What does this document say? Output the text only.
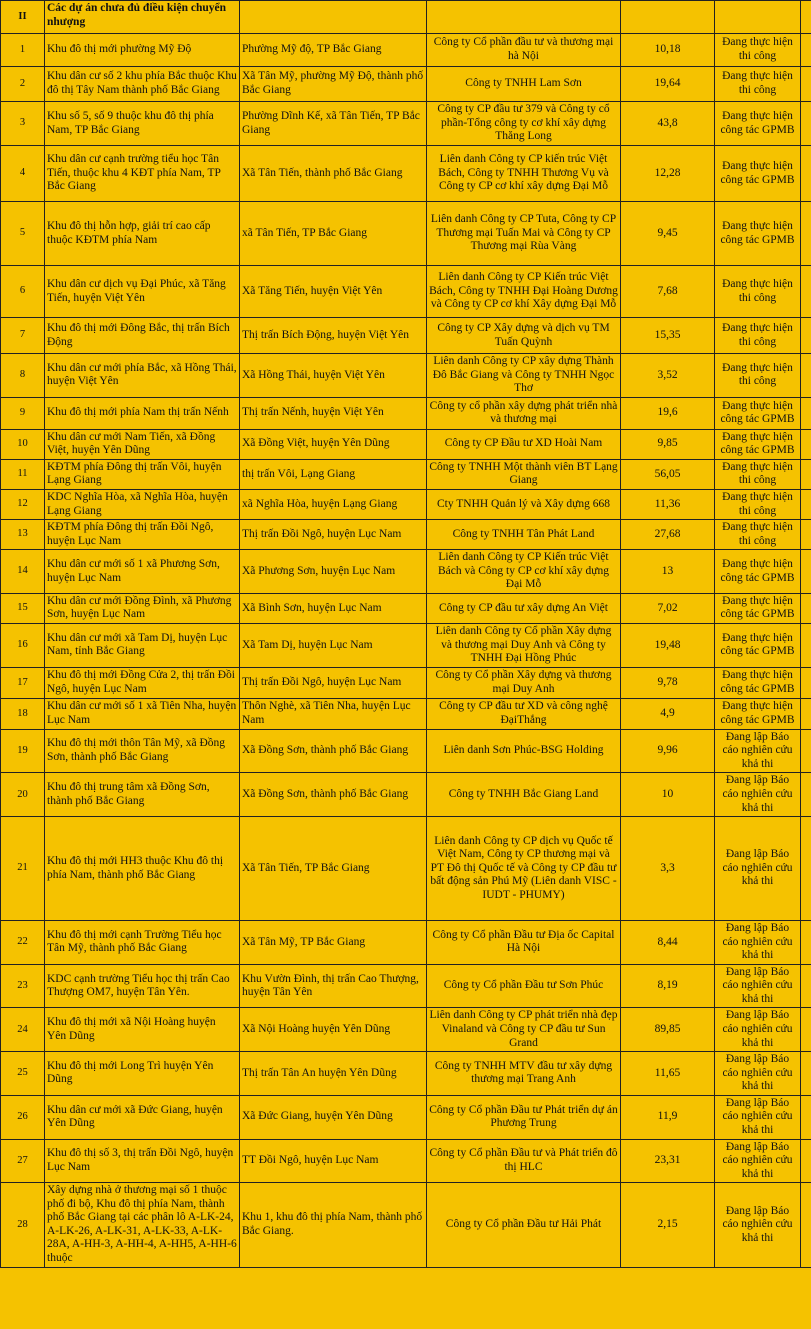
II	Các dự án chưa đủ điều kiện chuyển nhượng					
1	Khu đô thị mới phường Mỹ Độ	Phường Mỹ độ, TP Bắc Giang	Công ty Cổ phần đầu tư và thương mại hà Nội	10,18	Đang thực hiện thi công	
2	Khu dân cư số 2 khu phía Bắc thuộc Khu đô thị Tây Nam thành phố Bắc Giang	Xã Tân Mỹ, phường Mỹ Độ, thành phố Bắc Giang	Công ty TNHH Lam Sơn	19,64	Đang thực hiện thi công	
3	Khu số 5, số 9 thuộc khu đô thị phía Nam, TP Bắc Giang	Phường Dĩnh Kế, xã Tân Tiến, TP Bắc Giang	Công ty CP đầu tư 379 và Công ty cổ phần-Tổng công ty cơ khí xây dựng Thăng Long	43,8	Đang thực hiện công tác GPMB	
4	Khu dân cư cạnh trường tiểu học Tân Tiến, thuộc khu 4 KĐT phía Nam, TP Bắc Giang	Xã Tân Tiến, thành phố Bắc Giang	Liên danh Công ty CP kiến trúc Việt Bách, Công ty TNHH Thương Vụ và Công ty CP cơ khí xây dựng Đại Mỗ	12,28	Đang thực hiện công tác GPMB	
5	Khu đô thị hỗn hợp, giải trí cao cấp thuộc KĐTM phía Nam	xã Tân Tiến, TP Bắc Giang	Liên danh Công ty CP Tuta, Công ty CP Thương mại Tuấn Mai và Công ty CP Thương mại Rùa Vàng	9,45	Đang thực hiện công tác GPMB	
6	Khu dân cư dịch vụ Đại Phúc, xã Tăng Tiến, huyện Việt Yên	Xã Tăng Tiến, huyện Việt Yên	Liên danh Công ty CP Kiến trúc Việt Bách, Công ty TNHH Đại Hoàng Dương và Công ty CP cơ khí Xây dựng Đại Mỗ	7,68	Đang thực hiện thi công	
7	Khu đô thị mới Đông Bắc, thị trấn Bích Động	Thị trấn Bích Động, huyện Việt Yên	Công ty CP Xây dựng và dịch vụ TM Tuấn Quỳnh	15,35	Đang thực hiện thi công	
8	Khu dân cư mới phía Bắc, xã Hồng Thái, huyện Việt Yên	Xã Hồng Thái, huyện Việt Yên	Liên danh Công ty CP xây dựng Thành Đô Bắc Giang và Công ty TNHH Ngọc Thơ	3,52	Đang thực hiện thi công	
9	Khu đô thị mới phía Nam thị trấn Nếnh	Thị trấn Nếnh, huyện Việt Yên	Công ty cổ phần xây dựng phát triển nhà và thương mại	19,6	Đang thực hiện công tác GPMB	
10	Khu dân cư mới Nam Tiến, xã Đồng Việt, huyện Yên Dũng	Xã Đồng Việt, huyện Yên Dũng	Công ty CP Đầu tư XD Hoài Nam	9,85	Đang thực hiện công tác GPMB	
11	KĐTM phía Đông thị trấn Vôi, huyện Lạng Giang	thị trấn Vôi, Lạng Giang	Công ty TNHH Một thành viên BT Lạng Giang	56,05	Đang thực hiện thi công	
12	KDC Nghĩa Hòa, xã Nghĩa Hòa, huyện Lạng Giang	xã Nghĩa Hòa, huyện Lạng Giang	Cty TNHH Quản lý và Xây dựng 668	11,36	Đang thực hiện thi công	
13	KĐTM phía Đông thị trấn Đồi Ngô, huyện Lục Nam	Thị trấn Đồi Ngô, huyện Lục Nam	Công ty TNHH Tân Phát Land	27,68	Đang thực hiện thi công	
14	Khu dân cư mới số 1 xã Phương Sơn, huyện Lục Nam	Xã Phương Sơn, huyện Lục Nam	Liên danh Công ty CP Kiến trúc Việt Bách và Công ty CP cơ khí xây dựng Đại Mỗ	13	Đang thực hiện công tác GPMB	
15	Khu dân cư mới Đồng Đình, xã Phương Sơn, huyện Lục Nam	Xã Bình Sơn, huyện Lục Nam	Công ty CP đầu tư xây dựng An Việt	7,02	Đang thực hiện công tác GPMB	
16	Khu dân cư mới xã Tam Dị, huyện Lục Nam, tỉnh Bắc Giang	Xã Tam Dị, huyện Lục Nam	Liên danh Công ty Cổ phần Xây dựng và thương mại Duy Anh và Công ty TNHH Đại Hồng Phúc	19,48	Đang thực hiện công tác GPMB	
17	Khu đô thị mới Đồng Cửa 2, thị trấn Đồi Ngô, huyện Lục Nam	Thị trấn Đồi Ngô, huyện Lục Nam	Công ty Cổ phần Xây dựng và thương mại Duy Anh	9,78	Đang thực hiện công tác GPMB	
18	Khu dân cư mới số 1 xã Tiên Nha, huyện Lục Nam	Thôn Nghè, xã Tiên Nha, huyện Lục Nam	Công ty CP đầu tư XD và công nghệ ĐạiThắng	4,9	Đang thực hiện công tác GPMB	
19	Khu đô thị mới thôn Tân Mỹ, xã Đồng Sơn, thành phố Bắc Giang	Xã Đồng Sơn, thành phố Bắc Giang	Liên danh Sơn Phúc-BSG Holding	9,96	Đang lập Báo cáo nghiên cứu khả thi	
20	Khu đô thị trung tâm xã Đồng Sơn, thành phố Bắc Giang	Xã Đồng Sơn, thành phố Bắc Giang	Công ty TNHH Bắc Giang Land	10	Đang lập Báo cáo nghiên cứu khả thi	
21	Khu đô thị mới HH3 thuộc Khu đô thị phía Nam, thành phố Bắc Giang	Xã Tân Tiến, TP Bắc Giang	Liên danh Công ty CP dịch vụ Quốc tế Việt Nam, Công ty CP thương mại và PT Đô thị Quốc tế và Công ty CP đầu tư bất động sản Phú Mỹ (Liên danh VISC - IUDT - PHUMY)	3,3	Đang lập Báo cáo nghiên cứu khả thi	
22	Khu đô thị mới cạnh Trường Tiểu học Tân Mỹ, thành phố Bắc Giang	Xã Tân Mỹ, TP Bắc Giang	Công ty Cổ phần Đầu tư Địa ốc Capital Hà Nội	8,44	Đang lập Báo cáo nghiên cứu khả thi	
23	KDC cạnh trường Tiểu học thị trấn Cao Thượng OM7, huyện Tân Yên.	Khu Vườn Đình, thị trấn Cao Thượng, huyện Tân Yên	Công ty Cổ phần Đầu tư Sơn Phúc	8,19	Đang lập Báo cáo nghiên cứu khả thi	
24	Khu đô thị mới xã Nội Hoàng huyện Yên Dũng	Xã Nội Hoàng huyện Yên Dũng	Liên danh Công ty CP phát triển nhà đẹp Vinaland và Công ty CP đầu tư Sun Grand	89,85	Đang lập Báo cáo nghiên cứu khả thi	
25	Khu đô thị mới Long Trì huyện Yên Dũng	Thị trấn Tân An huyện Yên Dũng	Công ty TNHH MTV đầu tư xây dựng thương mại Trang Anh	11,65	Đang lập Báo cáo nghiên cứu khả thi	
26	Khu dân cư mới xã Đức Giang, huyện Yên Dũng	Xã Đức Giang, huyện Yên Dũng	Công ty Cổ phần Đầu tư Phát triển dự án Phương Trung	11,9	Đang lập Báo cáo nghiên cứu khả thi	
27	Khu đô thị số 3, thị trấn Đồi Ngô, huyện Lục Nam	TT Đồi Ngô, huyện Lục Nam	Công ty Cổ phần Đầu tư và Phát triển đô thị HLC	23,31	Đang lập Báo cáo nghiên cứu khả thi	
28	Xây dựng nhà ở thương mại số 1 thuộc phố đi bộ, Khu đô thị phía Nam, thành phố Bắc Giang tại các phân lô A-LK-24, A-LK-26, A-LK-31, A-LK-33, A-LK-28A, A-HH-3, A-HH-4, A-HH5, A-HH-6 thuộc	Khu 1, khu đô thị phía Nam, thành phố Bắc Giang.	Công ty Cổ phần Đầu tư Hải Phát	2,15	Đang lập Báo cáo nghiên cứu khả thi	
